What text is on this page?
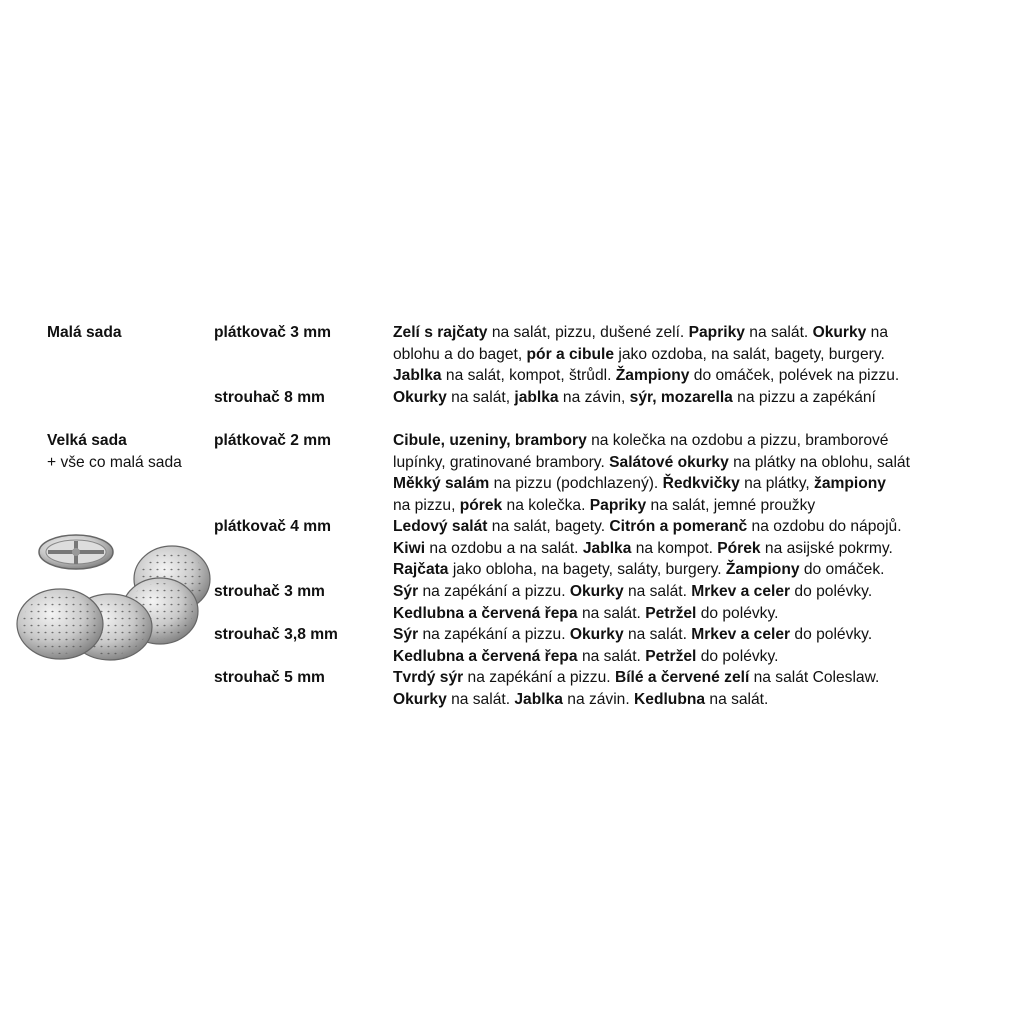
Malá sada	plátkovač 3 mm	Zelí s rajčaty na salát, pizzu, dušené zelí. Papriky na salát. Okurky na
oblohu a do baget, pór a cibule jako ozdoba, na salát, bagety, burgery.
Jablka na salát, kompot, štrůdl. Žampiony do omáček, polévek na pizzu.
strouhač 8 mm	Okurky na salát, jablka na závin, sýr, mozarella na pizzu a zapékání
Velká sada
+ vše co malá sada
plátkovač 2 mm	Cibule, uzeniny, brambory na kolečka na ozdobu a pizzu, bramborové
lupínky, gratinované brambory. Salátové okurky na plátky na oblohu, salát
Měkký salám na pizzu (podchlazený). Ředkvičky na plátky, žampiony
na pizzu, pórek na kolečka. Papriky na salát, jemné proužky
plátkovač 4 mm	Ledový salát na salát, bagety. Citrón a pomeranč na ozdobu do nápojů.
Kiwi na ozdobu a na salát. Jablka na kompot. Pórek na asijské pokrmy.
Rajčata jako obloha, na bagety, saláty, burgery. Žampiony do omáček.
strouhač 3 mm	Sýr na zapékání a pizzu. Okurky na salát. Mrkev a celer do polévky.
Kedlubna a červená řepa na salát. Petržel do polévky.
strouhač 3,8 mm	Sýr na zapékání a pizzu. Okurky na salát. Mrkev a celer do polévky.
Kedlubna a červená řepa na salát. Petržel do polévky.
strouhač 5 mm	Tvrdý sýr na zapékání a pizzu. Bílé a červené zelí na salát Coleslaw.
Okurky na salát. Jablka na závin. Kedlubna na salát.
